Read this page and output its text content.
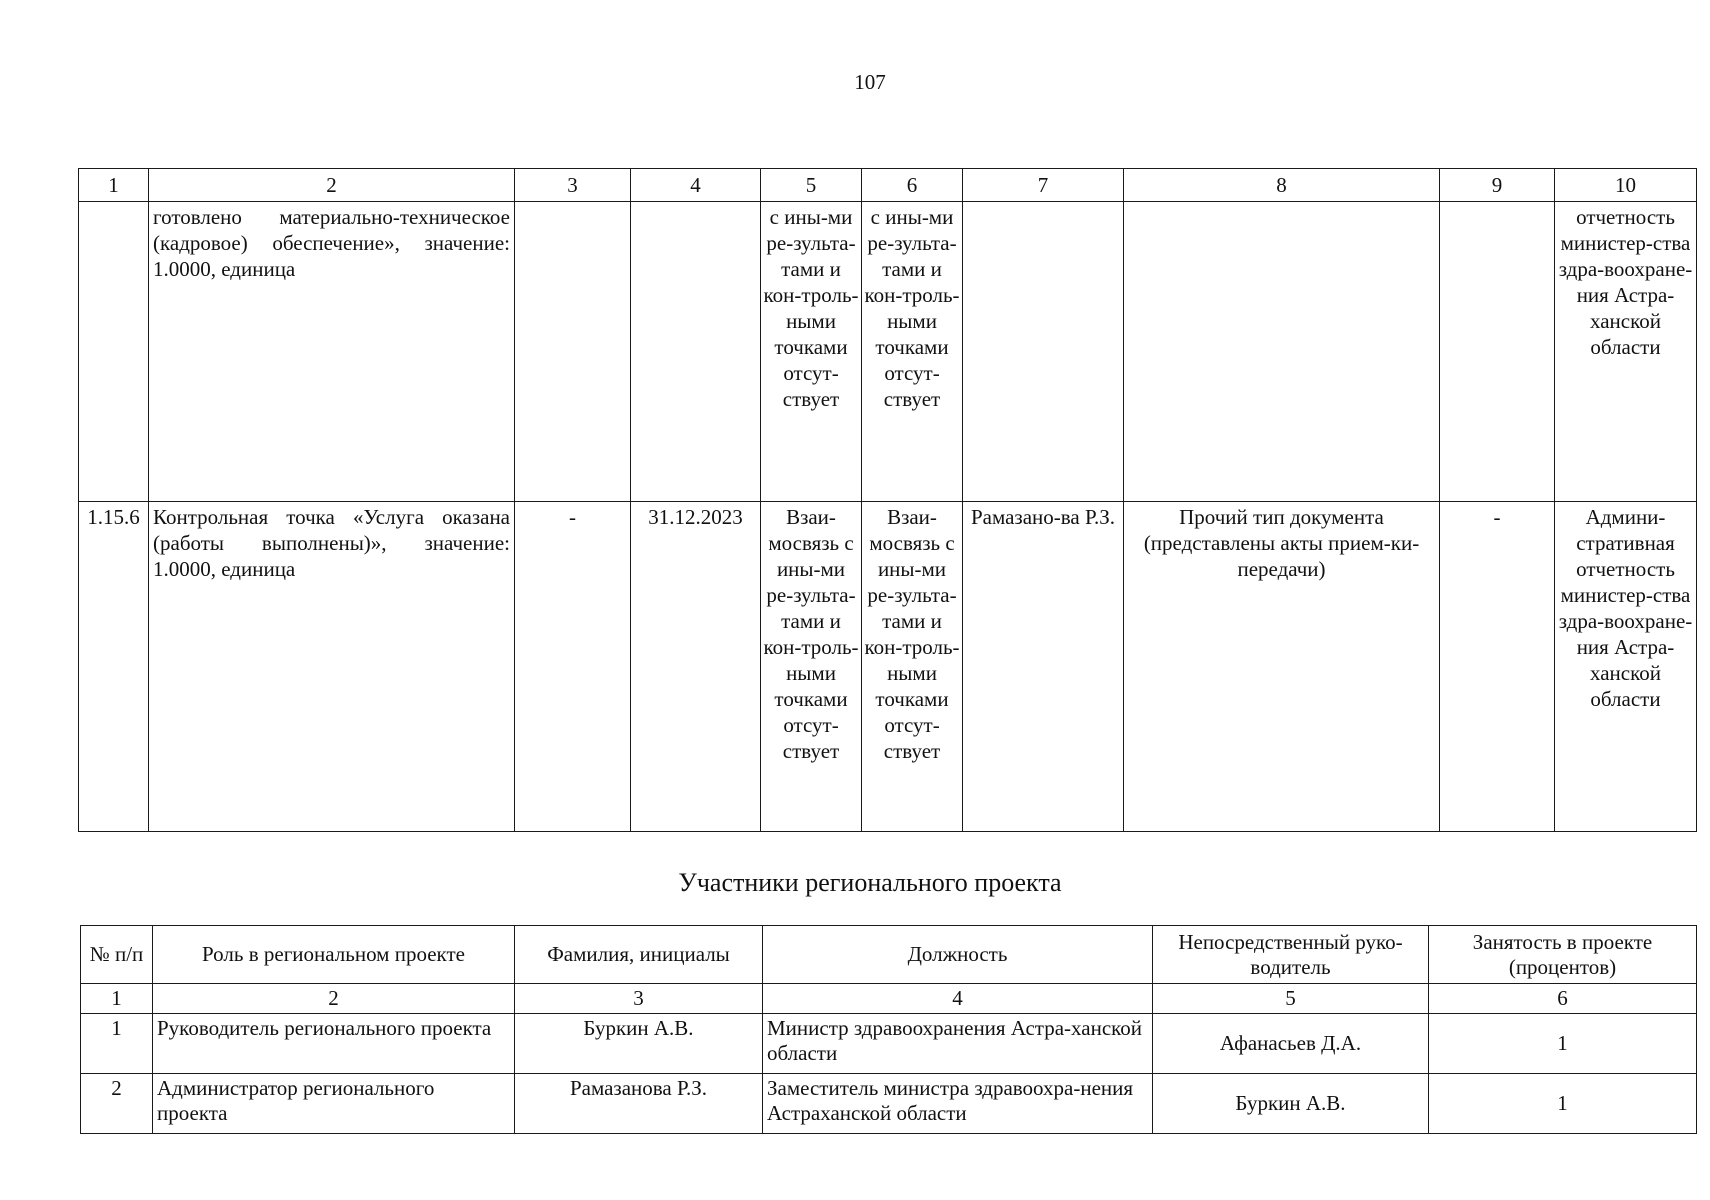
107
1	2	3	4	5	6	7	8	9	10
	готовлено материально-техническое (кадровое) обеспечение», значение: 1.0000, единица			с ины-ми ре-зульта-тами и кон-троль-ными точками отсут-ствует	с ины-ми ре-зульта-тами и кон-троль-ными точками отсут-ствует				отчетность министер-ства здра-воохране-ния Астра-ханской области
1.15.6	Контрольная точка «Услуга оказана (работы выполнены)», значение: 1.0000, единица	-	31.12.2023	Взаи-мосвязь с ины-ми ре-зульта-тами и кон-троль-ными точками отсут-ствует	Взаи-мосвязь с ины-ми ре-зульта-тами и кон-троль-ными точками отсут-ствует	Рамазано-ва Р.З.	Прочий тип документа (представлены акты прием-ки-передачи)	-	Админи-стративная отчетность министер-ства здра-воохране-ния Астра-ханской области
Участники регионального проекта
№ п/п	Роль в региональном проекте	Фамилия, инициалы	Должность	Непосредственный руко-водитель	Занятость в проекте (процентов)
1	2	3	4	5	6
1	Руководитель регионального проекта	Буркин А.В.	Министр здравоохранения Астра-ханской области	Афанасьев Д.А.	1
2	Администратор регионального проекта	Рамазанова Р.З.	Заместитель министра здравоохра-нения Астраханской области	Буркин А.В.	1
